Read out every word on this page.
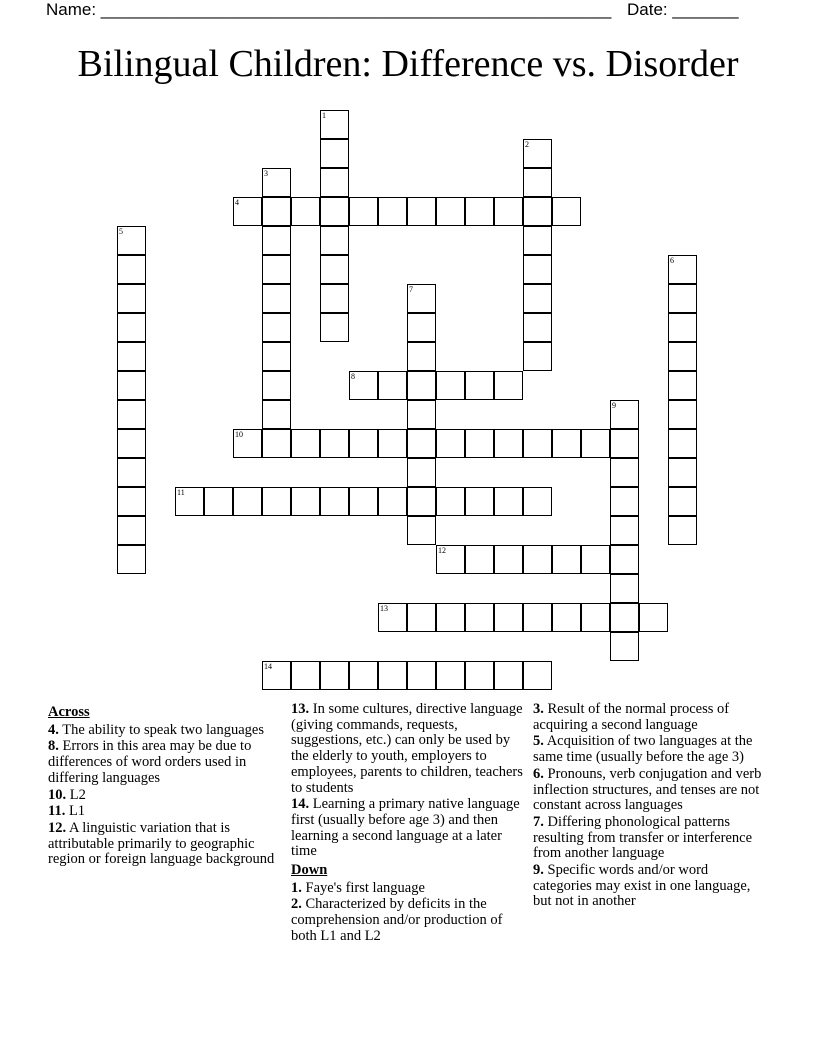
Name: ______________________________________________________ Date: _______
Bilingual Children: Difference vs. Disorder
4
8
10
11
12
13
14
1
2
3
5
6
7
9
Across
4. The ability to speak two languages
8. Errors in this area may be due to differences of word orders used in differing languages
10. L2
11. L1
12. A linguistic variation that is attributable primarily to geographic region or foreign language background
13. In some cultures, directive language (giving commands, requests, suggestions, etc.) can only be used by the elderly to youth, employers to employees, parents to children, teachers to students
14. Learning a primary native language first (usually before age 3) and then learning a second language at a later time
Down
1. Faye's first language
2. Characterized by deficits in the comprehension and/or production of both L1 and L2
3. Result of the normal process of acquiring a second language
5. Acquisition of two languages at the same time (usually before the age 3)
6. Pronouns, verb conjugation and verb inflection structures, and tenses are not constant across languages
7. Differing phonological patterns resulting from transfer or interference from another language
9. Specific words and/or word categories may exist in one language, but not in another
